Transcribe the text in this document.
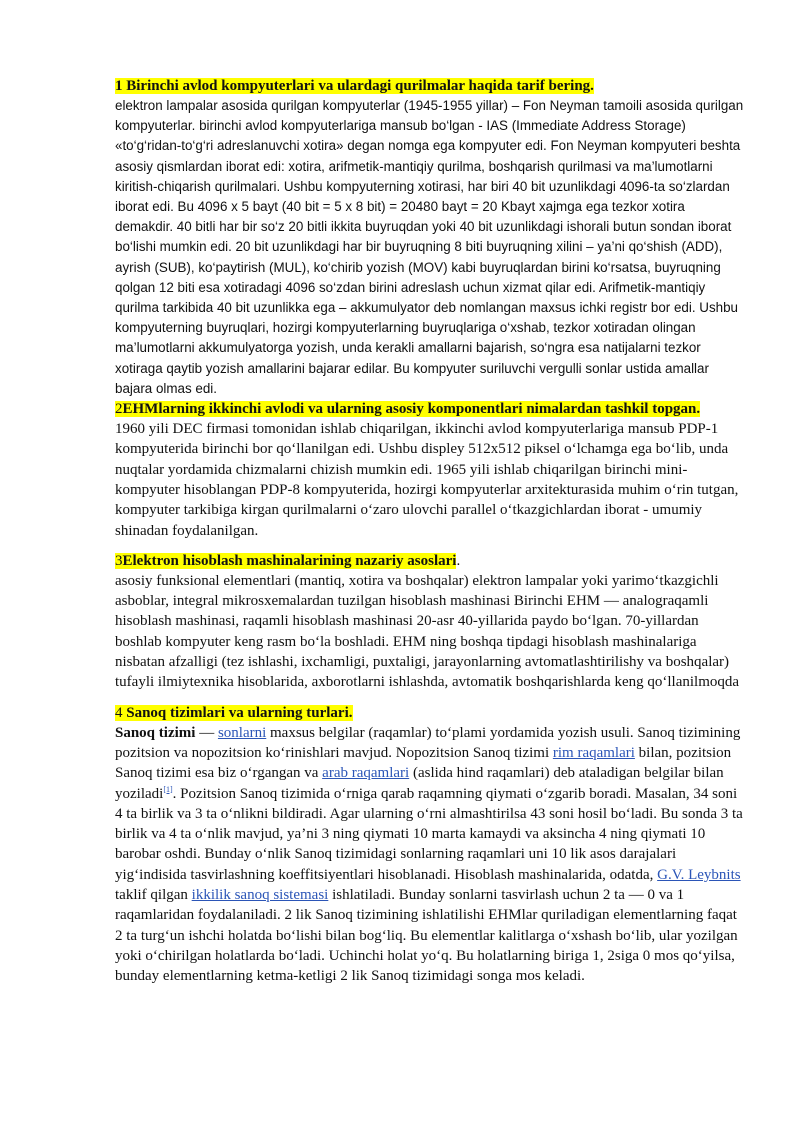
1 Birinchi avlod kompyuterlari va ulardagi qurilmalar haqida tarif bering.

elektron lampalar asosida qurilgan kompyuterlar (1945-1955 yillar) – Fon Neyman tamoili asosida qurilgan kompyuterlar. birinchi avlod kompyuterlariga mansub bo‘lgan - IAS (Immediate Address Storage) «to‘g‘ridan-to‘g‘ri adreslanuvchi xotira» degan nomga ega kompyuter edi. Fon Neyman kompyuteri beshta asosiy qismlardan iborat edi: xotira, arifmetik-mantiqiy qurilma, boshqarish qurilmasi va ma’lumotlarni kiritish-chiqarish qurilmalari. Ushbu kompyuterning xotirasi, har biri 40 bit uzunlikdagi 4096-ta so‘zlardan iborat edi. Bu 4096 x 5 bayt (40 bit = 5 x 8 bit) = 20480 bayt = 20 Kbayt xajmga ega tezkor xotira demakdir. 40 bitli har bir so‘z 20 bitli ikkita buyruqdan yoki 40 bit uzunlikdagi ishorali butun sondan iborat bo‘lishi mumkin edi. 20 bit uzunlikdagi har bir buyruqning 8 biti buyruqning xilini – ya’ni qo‘shish (ADD), ayrish (SUB), ko‘paytirish (MUL), ko‘chirib yozish (MOV) kabi buyruqlardan birini ko‘rsatsa, buyruqning qolgan 12 biti esa xotiradagi 4096 so‘zdan birini adreslash uchun xizmat qilar edi. Arifmetik-mantiqiy qurilma tarkibida 40 bit uzunlikka ega – akkumulyator deb nomlangan maxsus ichki registr bor edi. Ushbu kompyuterning buyruqlari, hozirgi kompyuterlarning buyruqlariga o‘xshab, tezkor xotiradan olingan ma’lumotlarni akkumulyatorga yozish, unda kerakli amallarni bajarish, so‘ngra esa natijalarni tezkor xotiraga qaytib yozish amallarini bajarar edilar. Bu kompyuter suriluvchi vergulli sonlar ustida amallar bajara olmas edi.

2EHMlarning ikkinchi avlodi va ularning asosiy komponentlari nimalardan tashkil topgan.

1960 yili DEC firmasi tomonidan ishlab chiqarilgan, ikkinchi avlod kompyuterlariga mansub PDP-1 kompyuterida birinchi bor qo‘llanilgan edi. Ushbu displey 512x512 piksel o‘lchamga ega bo‘lib, unda nuqtalar yordamida chizmalarni chizish mumkin edi. 1965 yili ishlab chiqarilgan birinchi mini-kompyuter hisoblangan PDP-8 kompyuterida, hozirgi kompyuterlar arxitekturasida muhim o‘rin tutgan, kompyuter tarkibiga kirgan qurilmalarni o‘zaro ulovchi parallel o‘tkazgichlardan iborat - umumiy shinadan foydalanilgan.

3Elektron hisoblash mashinalarining nazariy asoslari.

asosiy funksional elementlari (mantiq, xotira va boshqalar) elektron lampalar yoki yarimo‘tkazgichli asboblar, integral mikrosxemalardan tuzilgan hisoblash mashinasi Birinchi EHM — analograqamli hisoblash mashinasi, raqamli hisoblash mashinasi 20-asr 40-yillarida paydo bo‘lgan. 70-yillardan boshlab kompyuter keng rasm bo‘la boshladi. EHM ning boshqa tipdagi hisoblash mashinalariga nisbatan afzalligi (tez ishlashi, ixchamligi, puxtaligi, jarayonlarning avtomatlashtirilishy va boshqalar) tufayli ilmiytexnika hisoblarida, axborotlarni ishlashda, avtomatik boshqarishlarda keng qo‘llanilmoqda

4 Sanoq tizimlari va ularning turlari.

Sanoq tizimi — sonlarni maxsus belgilar (raqamlar) to‘plami yordamida yozish usuli. Sanoq tizimining pozitsion va nopozitsion ko‘rinishlari mavjud. Nopozitsion Sanoq tizimi rim raqamlari bilan, pozitsion Sanoq tizimi esa biz o‘rgangan va arab raqamlari (aslida hind raqamlari) deb ataladigan belgilar bilan yoziladi[1]. Pozitsion Sanoq tizimida o‘rniga qarab raqamning qiymati o‘zgarib boradi. Masalan, 34 soni 4 ta birlik va 3 ta o‘nlikni bildiradi. Agar ularning o‘rni almashtirilsa 43 soni hosil bo‘ladi. Bu sonda 3 ta birlik va 4 ta o‘nlik mavjud, ya’ni 3 ning qiymati 10 marta kamaydi va aksincha 4 ning qiymati 10 barobar oshdi. Bunday o‘nlik Sanoq tizimidagi sonlarning raqamlari uni 10 lik asos darajalari yig‘indisida tasvirlashning koeffitsiyentlari hisoblanadi. Hisoblash mashinalarida, odatda, G.V. Leybnits taklif qilgan ikkilik sanoq sistemasi ishlatiladi. Bunday sonlarni tasvirlash uchun 2 ta — 0 va 1 raqamlaridan foydalaniladi. 2 lik Sanoq tizimining ishlatilishi EHMlar quriladigan elementlarning faqat 2 ta turg‘un ishchi holatda bo‘lishi bilan bog‘liq. Bu elementlar kalitlarga o‘xshash bo‘lib, ular yozilgan yoki o‘chirilgan holatlarda bo‘ladi. Uchinchi holat yo‘q. Bu holatlarning biriga 1, 2siga 0 mos qo‘yilsa, bunday elementlarning ketma-ketligi 2 lik Sanoq tizimidagi songa mos keladi.
